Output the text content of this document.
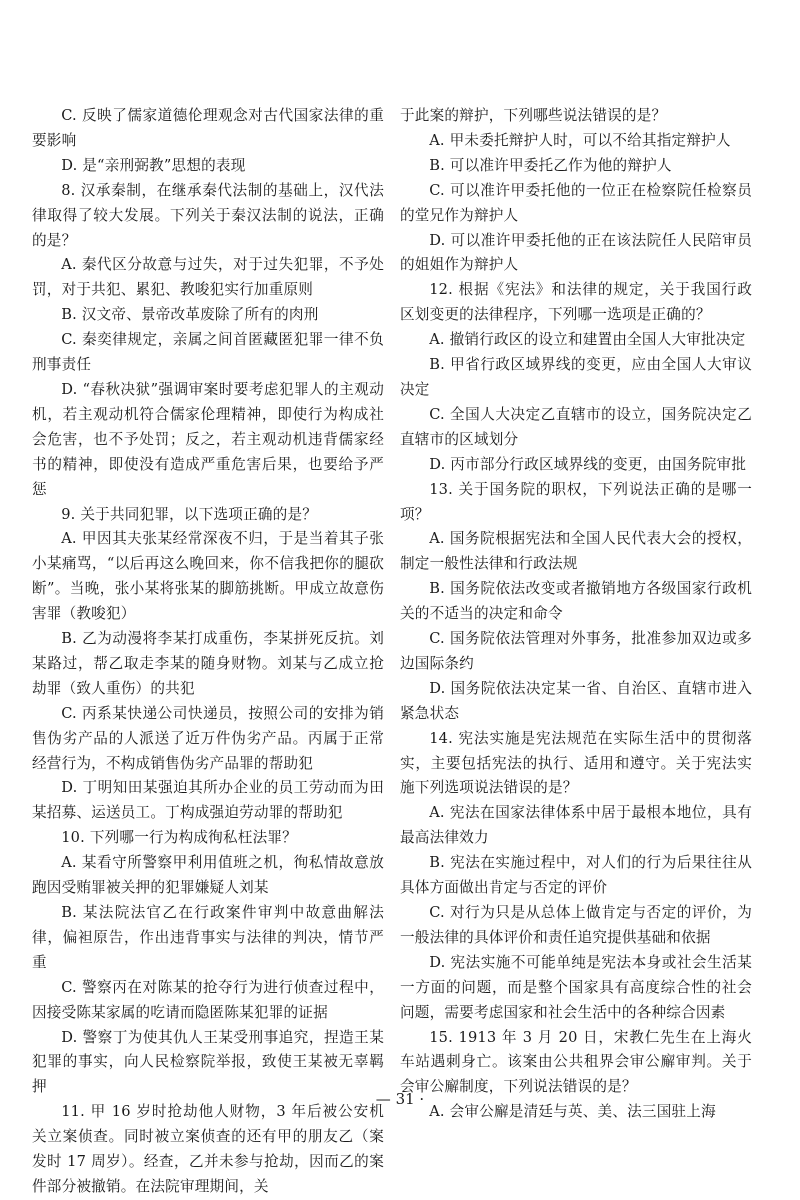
C. 反映了儒家道德伦理观念对古代国家法律的重要影响

D. 是“亲刑弼教”思想的表现

8. 汉承秦制，在继承秦代法制的基础上，汉代法律取得了较大发展。下列关于秦汉法制的说法，正确的是？

A. 秦代区分故意与过失，对于过失犯罪，不予处罚，对于共犯、累犯、教唆犯实行加重原则

B. 汉文帝、景帝改革废除了所有的肉刑

C. 秦奕律规定，亲属之间首匿藏匿犯罪一律不负刑事责任

D. “春秋决狱”强调审案时要考虑犯罪人的主观动机，若主观动机符合儒家伦理精神，即使行为构成社会危害，也不予处罚；反之，若主观动机违背儒家经书的精神，即使没有造成严重危害后果，也要给予严惩

9. 关于共同犯罪，以下选项正确的是？

A. 甲因其夫张某经常深夜不归，于是当着其子张小某痛骂，“以后再这么晚回来，你不信我把你的腿砍断”。当晚，张小某将张某的脚筋挑断。甲成立故意伤害罪（教唆犯）

B. 乙为动漫将李某打成重伤，李某拼死反抗。刘某路过，帮乙取走李某的随身财物。刘某与乙成立抢劫罪（致人重伤）的共犯

C. 丙系某快递公司快递员，按照公司的安排为销售伪劣产品的人派送了近万件伪劣产品。丙属于正常经营行为，不构成销售伪劣产品罪的帮助犯

D. 丁明知田某强迫其所办企业的员工劳动而为田某招募、运送员工。丁构成强迫劳动罪的帮助犯

10. 下列哪一行为构成徇私枉法罪？

A. 某看守所警察甲利用值班之机，徇私情故意放跑因受贿罪被关押的犯罪嫌疑人刘某

B. 某法院法官乙在行政案件审判中故意曲解法律，偏袒原告，作出违背事实与法律的判决，情节严重

C. 警察丙在对陈某的抢夺行为进行侦查过程中，因接受陈某家属的吃请而隐匿陈某犯罪的证据

D. 警察丁为使其仇人王某受刑事追究，捏造王某犯罪的事实，向人民检察院举报，致使王某被无辜羁押

11. 甲 16 岁时抢劫他人财物，3 年后被公安机关立案侦查。同时被立案侦查的还有甲的朋友乙（案发时 17 周岁）。经查，乙并未参与抢劫，因而乙的案件部分被撤销。在法院审理期间，关

于此案的辩护，下列哪些说法错误的是？

A. 甲未委托辩护人时，可以不给其指定辩护人

B. 可以准许甲委托乙作为他的辩护人

C. 可以准许甲委托他的一位正在检察院任检察员的堂兄作为辩护人

D. 可以准许甲委托他的正在该法院任人民陪审员的姐姐作为辩护人

12. 根据《宪法》和法律的规定，关于我国行政区划变更的法律程序，下列哪一选项是正确的？

A. 撤销行政区的设立和建置由全国人大审批决定

B. 甲省行政区域界线的变更，应由全国人大审议决定

C. 全国人大决定乙直辖市的设立，国务院决定乙直辖市的区域划分

D. 丙市部分行政区域界线的变更，由国务院审批

13. 关于国务院的职权，下列说法正确的是哪一项？

A. 国务院根据宪法和全国人民代表大会的授权，制定一般性法律和行政法规

B. 国务院依法改变或者撤销地方各级国家行政机关的不适当的决定和命令

C. 国务院依法管理对外事务，批准参加双边或多边国际条约

D. 国务院依法决定某一省、自治区、直辖市进入紧急状态

14. 宪法实施是宪法规范在实际生活中的贯彻落实，主要包括宪法的执行、适用和遵守。关于宪法实施下列选项说法错误的是？

A. 宪法在国家法律体系中居于最根本地位，具有最高法律效力

B. 宪法在实施过程中，对人们的行为后果往往从具体方面做出肯定与否定的评价

C. 对行为只是从总体上做肯定与否定的评价，为一般法律的具体评价和责任追究提供基础和依据

D. 宪法实施不可能单纯是宪法本身或社会生活某一方面的问题，而是整个国家具有高度综合性的社会问题，需要考虑国家和社会生活中的各种综合因素

15. 1913 年 3 月 20 日，宋教仁先生在上海火车站遇刺身亡。该案由公共租界会审公廨审判。关于会审公廨制度，下列说法错误的是？

A. 会审公廨是清廷与英、美、法三国驻上海

— 31 ·
